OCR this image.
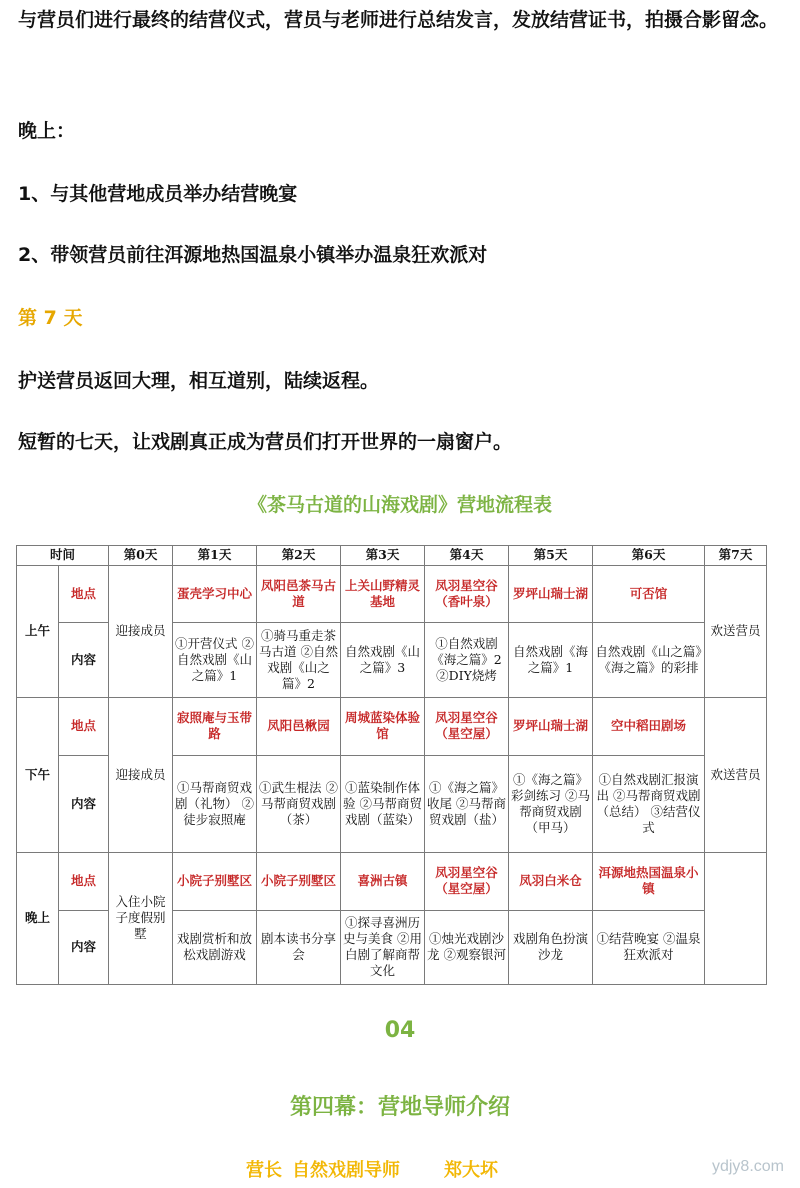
与营员们进行最终的结营仪式，营员与老师进行总结发言，发放结营证书，拍摄合影留念。

晚上：

1、与其他营地成员举办结营晚宴

2、带领营员前往洱源地热国温泉小镇举办温泉狂欢派对

第 7 天

护送营员返回大理，相互道别，陆续返程。

短暂的七天，让戏剧真正成为营员们打开世界的一扇窗户。

《茶马古道的山海戏剧》营地流程表
时间		第0天	第1天	第2天	第3天	第4天	第5天	第6天	第7天
上午	地点	迎接成员	蛋壳学习中心	凤阳邑茶马古道	上关山野精灵基地	凤羽星空谷（香叶泉）	罗坪山瑞士湖	可否馆	欢送营员
	内容		①开营仪式 ②自然戏剧《山之篇》1	①骑马重走茶马古道 ②自然戏剧《山之篇》2	自然戏剧《山之篇》3	①自然戏剧《海之篇》2 ②DIY烧烤	自然戏剧《海之篇》1	自然戏剧《山之篇》《海之篇》的彩排	
下午	地点	迎接成员	寂照庵与玉带路	凤阳邑楸园	周城蓝染体验馆	凤羽星空谷（星空屋）	罗坪山瑞士湖	空中稻田剧场	欢送营员
	内容		①马帮商贸戏剧（礼物） ②徒步寂照庵	①武生棍法 ②马帮商贸戏剧（茶）	①蓝染制作体验 ②马帮商贸戏剧（蓝染）	①《海之篇》收尾 ②马帮商贸戏剧（盐）	①《海之篇》彩剑练习 ②马帮商贸戏剧（甲马）	①自然戏剧汇报演出 ②马帮商贸戏剧（总结） ③结营仪式	
晚上	地点	入住小院子度假别墅	小院子别墅区	小院子别墅区	喜洲古镇	凤羽星空谷（星空屋）	凤羽白米仓	洱源地热国温泉小镇	
	内容		戏剧赏析和放松戏剧游戏	剧本读书分享会	①探寻喜洲历史与美食 ②用白剧了解商帮文化	①烛光戏剧沙龙 ②观察银河	戏剧角色扮演沙龙	①结营晚宴 ②温泉狂欢派对	
04
第四幕：营地导师介绍
营长 自然戏剧导师 郑大坏	ydjy8.com
